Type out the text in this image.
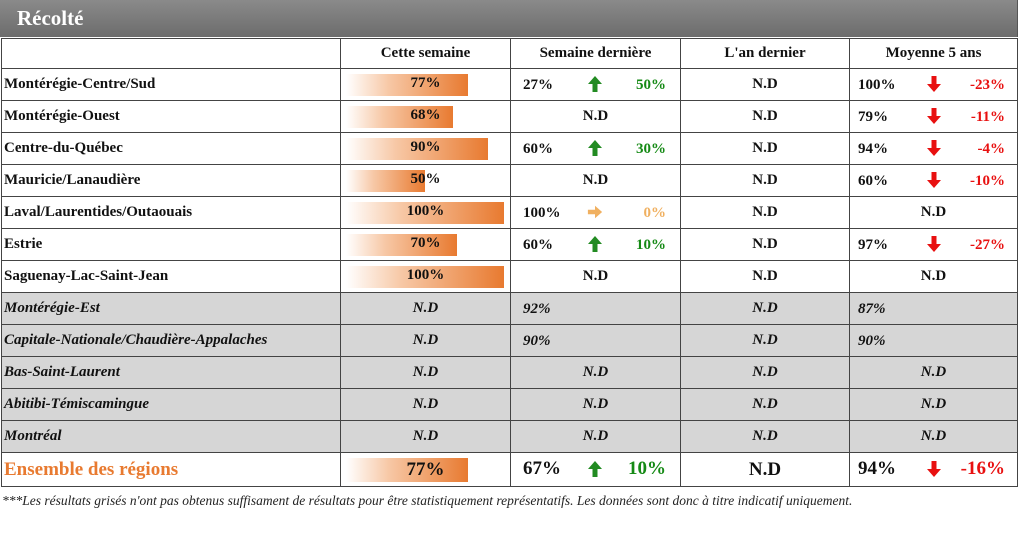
Récolté
	Cette semaine	Semaine dernière	L'an dernier	Moyenne 5 ans
Montérégie-Centre/Sud	77%	27% 50%	N.D	100% -23%

Montérégie-Ouest	68%	N.D	N.D	79% -11%

Centre-du-Québec	90%	60% 30%	N.D	94% -4%

Mauricie/Lanaudière	50%	N.D	N.D	60% -10%

Laval/Laurentides/Outaouais	100%	100% 0%	N.D	N.D
Estrie	70%	60% 10%	N.D	97% -27%

Saguenay-Lac-Saint-Jean	100%	N.D	N.D	N.D
Montérégie-Est	N.D	92%	N.D	87%

Capitale-Nationale/Chaudière-Appalaches	N.D	90%	N.D	90%

Bas-Saint-Laurent	N.D	N.D	N.D	N.D
Abitibi-Témiscamingue	N.D	N.D	N.D	N.D
Montréal	N.D	N.D	N.D	N.D
Ensemble des régions	77%	67% 10%	N.D	94% -16%
***Les résultats grisés n'ont pas obtenus suffisament de résultats pour être statistiquement représentatifs. Les données sont donc à titre indicatif uniquement.
